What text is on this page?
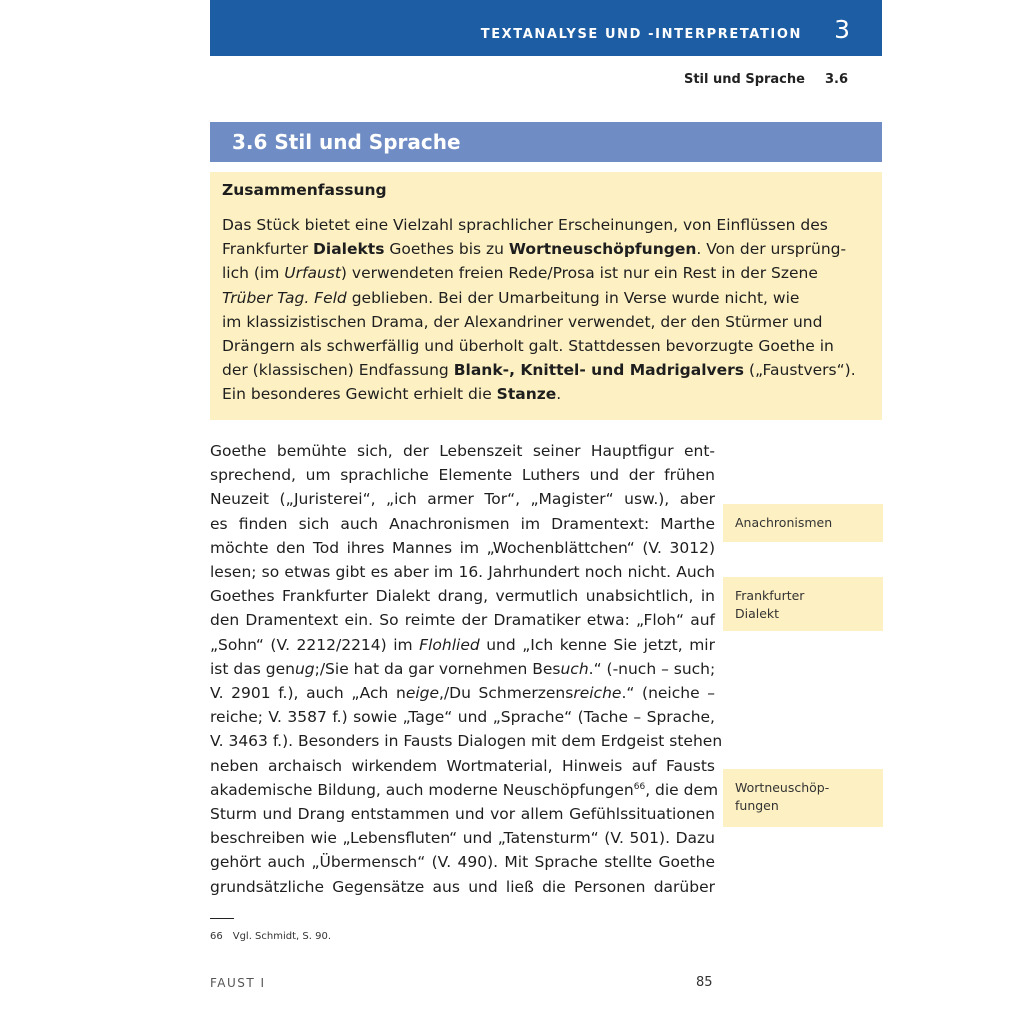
TEXTANALYSE UND -INTERPRETATION 3
Stil und Sprache 3.6
3.6 Stil und Sprache
Zusammenfassung
Das Stück bietet eine Vielzahl sprachlicher Erscheinungen, von Einflüssen des
Frankfurter Dialekts Goethes bis zu Wortneuschöpfungen. Von der ursprüng-
lich (im Urfaust) verwendeten freien Rede/Prosa ist nur ein Rest in der Szene
Trüber Tag. Feld geblieben. Bei der Umarbeitung in Verse wurde nicht, wie
im klassizistischen Drama, der Alexandriner verwendet, der den Stürmer und
Drängern als schwerfällig und überholt galt. Stattdessen bevorzugte Goethe in
der (klassischen) Endfassung Blank-, Knittel- und Madrigalvers („Faustvers“).
Ein besonderes Gewicht erhielt die Stanze.
Goethe bemühte sich, der Lebenszeit seiner Hauptfigur ent-
sprechend, um sprachliche Elemente Luthers und der frühen
Neuzeit („Juristerei“, „ich armer Tor“, „Magister“ usw.), aber
es finden sich auch Anachronismen im Dramentext: Marthe
möchte den Tod ihres Mannes im „Wochenblättchen“ (V. 3012)
lesen; so etwas gibt es aber im 16. Jahrhundert noch nicht. Auch
Goethes Frankfurter Dialekt drang, vermutlich unabsichtlich, in
den Dramentext ein. So reimte der Dramatiker etwa: „Floh“ auf
„Sohn“ (V. 2212/2214) im Flohlied und „Ich kenne Sie jetzt, mir
ist das genug;/Sie hat da gar vornehmen Besuch.“ (-nuch – such;
V. 2901 f.), auch „Ach neige,/Du Schmerzensreiche.“ (neiche –
reiche; V. 3587 f.) sowie „Tage“ und „Sprache“ (Tache – Sprache,
V. 3463 f.). Besonders in Fausts Dialogen mit dem Erdgeist stehen
neben archaisch wirkendem Wortmaterial, Hinweis auf Fausts
akademische Bildung, auch moderne Neuschöpfungen$^{66}$, die dem
Sturm und Drang entstammen und vor allem Gefühlssituationen
beschreiben wie „Lebensfluten“ und „Tatensturm“ (V. 501). Dazu
gehört auch „Übermensch“ (V. 490). Mit Sprache stellte Goethe
grundsätzliche Gegensätze aus und ließ die Personen darüber
Anachronismen
Frankfurter
Dialekt
Wortneuschöp-
fungen
66 Vgl. Schmidt, S. 90.
FAUST I	85
